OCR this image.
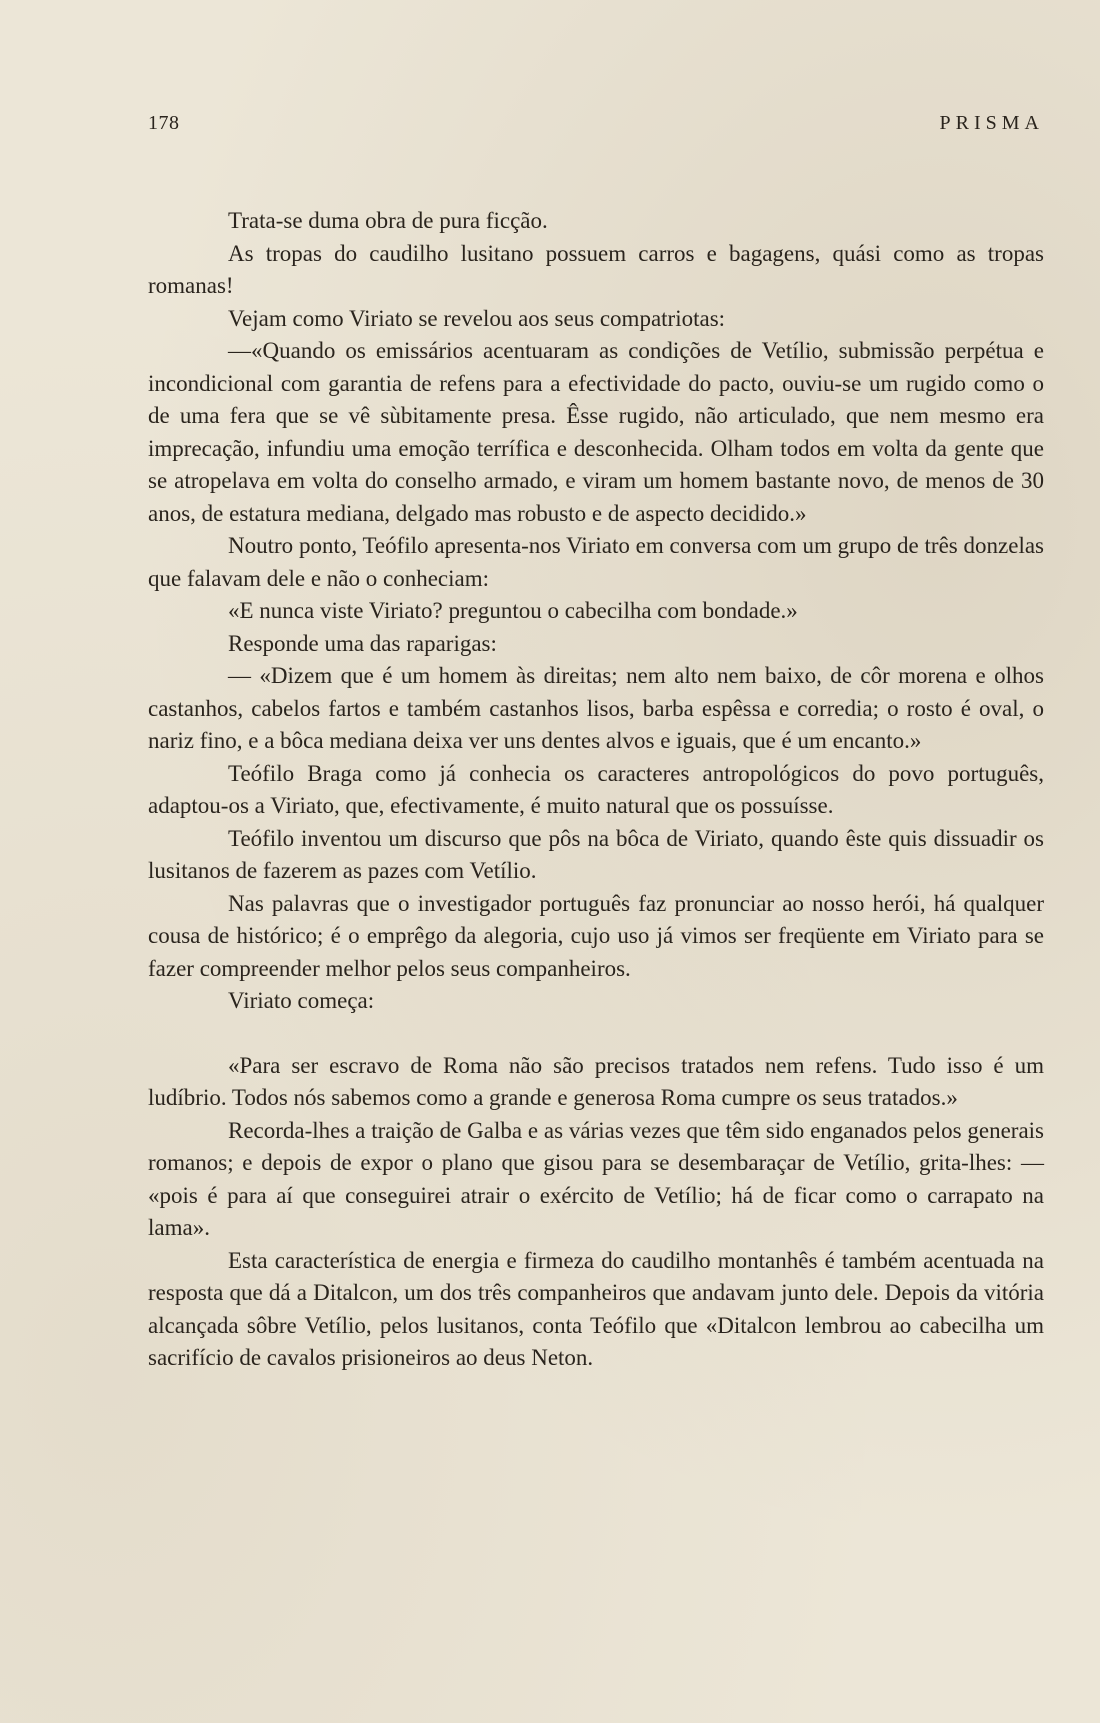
178	PRISMA

Trata-se duma obra de pura ficção.

As tropas do caudilho lusitano possuem carros e bagagens, quási como as tropas romanas!

Vejam como Viriato se revelou aos seus compatriotas:

—«Quando os emissários acentuaram as condições de Vetílio, submissão perpétua e incondicional com garantia de refens para a efectividade do pacto, ouviu-se um rugido como o de uma fera que se vê sùbitamente presa. Êsse rugido, não articulado, que nem mesmo era imprecação, infundiu uma emoção terrífica e desconhecida. Olham todos em volta da gente que se atropelava em volta do conselho armado, e viram um homem bastante novo, de menos de 30 anos, de estatura mediana, delgado mas robusto e de aspecto decidido.»

Noutro ponto, Teófilo apresenta-nos Viriato em conversa com um grupo de três donzelas que falavam dele e não o conheciam:

«E nunca viste Viriato? preguntou o cabecilha com bondade.»

Responde uma das raparigas:

— «Dizem que é um homem às direitas; nem alto nem baixo, de côr morena e olhos castanhos, cabelos fartos e também castanhos lisos, barba espêssa e corredia; o rosto é oval, o nariz fino, e a bôca mediana deixa ver uns dentes alvos e iguais, que é um encanto.»

Teófilo Braga como já conhecia os caracteres antropológicos do povo português, adaptou-os a Viriato, que, efectivamente, é muito natural que os possuísse.

Teófilo inventou um discurso que pôs na bôca de Viriato, quando êste quis dissuadir os lusitanos de fazerem as pazes com Vetílio.

Nas palavras que o investigador português faz pronunciar ao nosso herói, há qualquer cousa de histórico; é o emprêgo da alegoria, cujo uso já vimos ser freqüente em Viriato para se fazer compreender melhor pelos seus companheiros.

Viriato começa:

«Para ser escravo de Roma não são precisos tratados nem refens. Tudo isso é um ludíbrio. Todos nós sabemos como a grande e generosa Roma cumpre os seus tratados.»

Recorda-lhes a traição de Galba e as várias vezes que têm sido enganados pelos generais romanos; e depois de expor o plano que gisou para se desembaraçar de Vetílio, grita-lhes: — «pois é para aí que conseguirei atrair o exército de Vetílio; há de ficar como o carrapato na lama».

Esta característica de energia e firmeza do caudilho montanhês é também acentuada na resposta que dá a Ditalcon, um dos três companheiros que andavam junto dele. Depois da vitória alcançada sôbre Vetílio, pelos lusitanos, conta Teófilo que «Ditalcon lembrou ao cabecilha um sacrifício de cavalos prisioneiros ao deus Neton.
